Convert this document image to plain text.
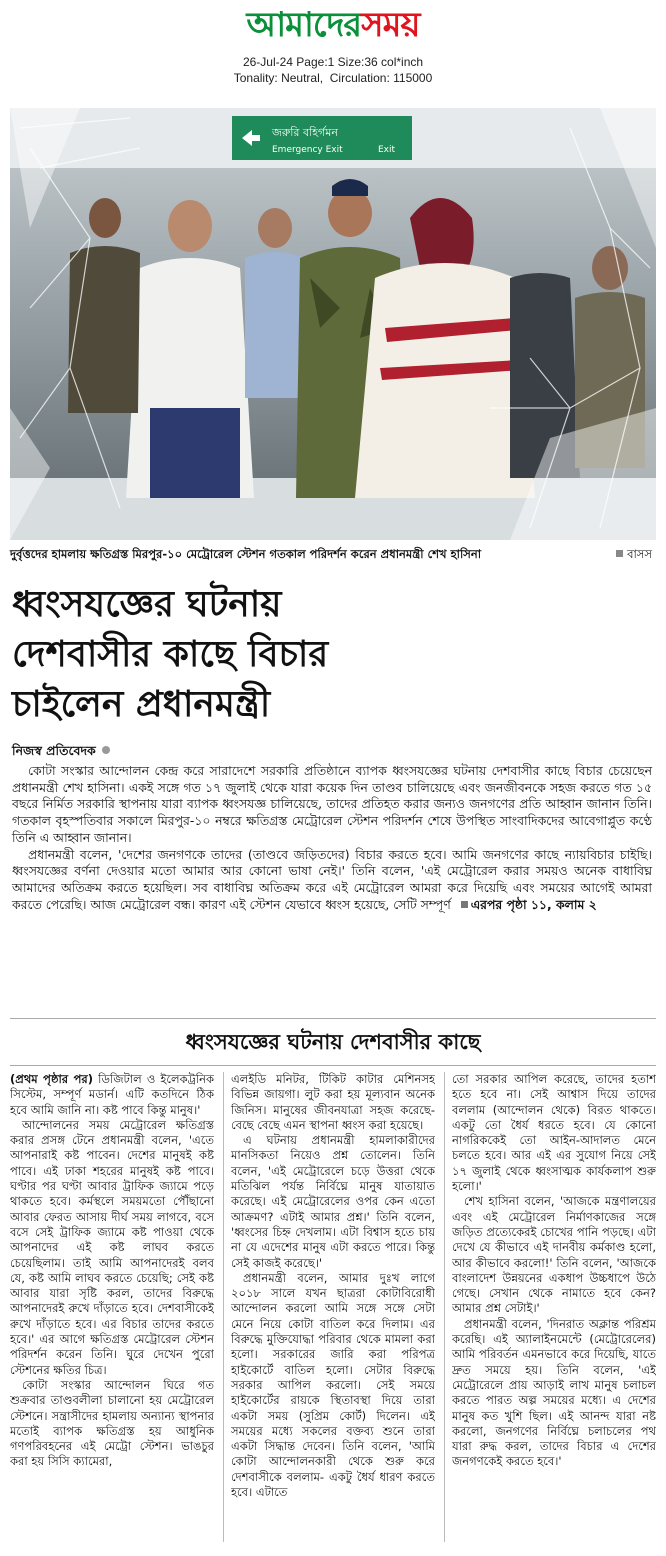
আমাদেরসময়
26-Jul-24 Page:1 Size:36 col*inch
Tonality: Neutral,  Circulation: 115000
জরুরি বহির্গমন
Emergency Exit	Exit
দুর্বৃত্তদের হামলায় ক্ষতিগ্রস্ত মিরপুর-১০ মেট্রোরেল স্টেশন গতকাল পরিদর্শন করেন প্রধানমন্ত্রী শেখ হাসিনা	বাসস
ধ্বংসযজ্ঞের ঘটনায়
দেশবাসীর কাছে বিচার
চাইলেন প্রধানমন্ত্রী
নিজস্ব প্রতিবেদক

কোটা সংস্কার আন্দোলন কেন্দ্র করে সারাদেশে সরকারি প্রতিষ্ঠানে ব্যাপক ধ্বংসযজ্ঞের ঘটনায় দেশবাসীর কাছে বিচার চেয়েছেন প্রধানমন্ত্রী শেখ হাসিনা। একই সঙ্গে গত ১৭ জুলাই থেকে যারা কয়েক দিন তাণ্ডব চালিয়েছে এবং জনজীবনকে সহজ করতে গত ১৫ বছরে নির্মিত সরকারি স্থাপনায় যারা ব্যাপক ধ্বংসযজ্ঞ চালিয়েছে, তাদের প্রতিহত করার জন্যও জনগণের প্রতি আহ্বান জানান তিনি। গতকাল বৃহস্পতিবার সকালে মিরপুর-১০ নম্বরে ক্ষতিগ্রস্ত মেট্রোরেল স্টেশন পরিদর্শন শেষে উপস্থিত সাংবাদিকদের আবেগাপ্লুত কণ্ঠে তিনি এ আহ্বান জানান।

প্রধানমন্ত্রী বলেন, 'দেশের জনগণকে তাদের (তাণ্ডবে জড়িতদের) বিচার করতে হবে। আমি জনগণের কাছে ন্যায়বিচার চাইছি। ধ্বংসযজ্ঞের বর্ণনা দেওয়ার মতো আমার আর কোনো ভাষা নেই।' তিনি বলেন, 'এই মেট্রোরেল করার সময়ও অনেক বাধাবিঘ্ন আমাদের অতিক্রম করতে হয়েছিল। সব বাধাবিঘ্ন অতিক্রম করে এই মেট্রোরেল আমরা করে দিয়েছি এবং সময়ের আগেই আমরা করতে পেরেছি। আজ মেট্রোরেল বন্ধ। কারণ এই স্টেশন যেভাবে ধ্বংস হয়েছে, সেটি সম্পূর্ণ এরপর পৃষ্ঠা ১১, কলাম ২

ধ্বংসযজ্ঞের ঘটনায় দেশবাসীর কাছে

(প্রথম পৃষ্ঠার পর) ডিজিটাল ও ইলেকট্রনিক সিস্টেম, সম্পূর্ণ মডার্ন। এটি কতদিনে ঠিক হবে আমি জানি না। কষ্ট পাবে কিন্তু মানুষ।'

আন্দোলনের সময় মেট্রোরেল ক্ষতিগ্রস্ত করার প্রসঙ্গ টেনে প্রধানমন্ত্রী বলেন, 'এতে আপনারাই কষ্ট পাবেন। দেশের মানুষই কষ্ট পাবে। এই ঢাকা শহরের মানুষই কষ্ট পাবে। ঘণ্টার পর ঘণ্টা আবার ট্রাফিক জ্যামে পড়ে থাকতে হবে। কর্মস্থলে সময়মতো পৌঁছানো আবার ফেরত আসায় দীর্ঘ সময় লাগবে, বসে বসে সেই ট্রাফিক জ্যামে কষ্ট পাওয়া থেকে আপনাদের এই কষ্ট লাঘব করতে চেয়েছিলাম। তাই আমি আপনাদেরই বলব যে, কষ্ট আমি লাঘব করতে চেয়েছি; সেই কষ্ট আবার যারা সৃষ্টি করল, তাদের বিরুদ্ধে আপনাদেরই রুখে দাঁড়াতে হবে। দেশবাসীকেই রুখে দাঁড়াতে হবে। এর বিচার তাদের করতে হবে।' এর আগে ক্ষতিগ্রস্ত মেট্রোরেল স্টেশন পরিদর্শন করেন তিনি। ঘুরে দেখেন পুরো স্টেশনের ক্ষতির চিত্র।

কোটা সংস্কার আন্দোলন ঘিরে গত শুক্রবার তাণ্ডবলীলা চালানো হয় মেট্রোরেল স্টেশনে। সন্ত্রাসীদের হামলায় অন্যান্য স্থাপনার মতোই ব্যাপক ক্ষতিগ্রস্ত হয় আধুনিক গণপরিবহনের এই মেট্রো স্টেশন। ভাঙচুর করা হয় সিসি ক্যামেরা,

এলইডি মনিটর, টিকিট কাটার মেশিনসহ বিভিন্ন জায়গা। লুট করা হয় মূল্যবান অনেক জিনিস। মানুষের জীবনযাত্রা সহজ করেছে- বেছে বেছে এমন স্থাপনা ধ্বংস করা হয়েছে।

এ ঘটনায় প্রধানমন্ত্রী হামলাকারীদের মানসিকতা নিয়েও প্রশ্ন তোলেন। তিনি বলেন, 'এই মেট্রোরেলে চড়ে উত্তরা থেকে মতিঝিল পর্যন্ত নির্বিঘ্নে মানুষ যাতায়াত করেছে। এই মেট্রোরেলের ওপর কেন এতো আক্রমণ? এটাই আমার প্রশ্ন।' তিনি বলেন, 'ধ্বংসের চিহ্ন দেখলাম। এটা বিশ্বাস হতে চায় না যে এদেশের মানুষ এটা করতে পারে। কিন্তু সেই কাজই করেছে।'

প্রধানমন্ত্রী বলেন, আমার দুঃখ লাগে ২০১৮ সালে যখন ছাত্ররা কোটাবিরোধী আন্দোলন করলো আমি সঙ্গে সঙ্গে সেটা মেনে নিয়ে কোটা বাতিল করে দিলাম। এর বিরুদ্ধে মুক্তিযোদ্ধা পরিবার থেকে মামলা করা হলো। সরকারের জারি করা পরিপত্র হাইকোর্টে বাতিল হলো। সেটার বিরুদ্ধে সরকার আপিল করলো। সেই সময়ে হাইকোর্টের রায়কে স্থিতাবস্থা দিয়ে তারা একটা সময় (সুপ্রিম কোর্ট) দিলেন। এই সময়ের মধ্যে সকলের বক্তব্য শুনে তারা একটা সিদ্ধান্ত দেবেন। তিনি বলেন, 'আমি কোটা আন্দোলনকারী থেকে শুরু করে দেশবাসীকে বললাম- একটু ধৈর্য ধারণ করতে হবে। এটাতে

তো সরকার আপিল করেছে, তাদের হতাশ হতে হবে না। সেই আশ্বাস দিয়ে তাদের বললাম (আন্দোলন থেকে) বিরত থাকতে। একটু তো ধৈর্য ধরতে হবে। যে কোনো নাগরিককেই তো আইন-আদালত মেনে চলতে হবে। আর এই এর সুযোগ নিয়ে সেই ১৭ জুলাই থেকে ধ্বংসাত্মক কার্যকলাপ শুরু হলো।'

শেখ হাসিনা বলেন, 'আজকে মন্ত্রণালয়ের এবং এই মেট্রোরেল নির্মাণকাজের সঙ্গে জড়িত প্রত্যেকেরই চোখের পানি পড়ছে। এটা দেখে যে কীভাবে এই দানবীয় কর্মকাণ্ড হলো, আর কীভাবে করলো!' তিনি বলেন, 'আজকে বাংলাদেশ উন্নয়নের একধাপ উচ্চধাপে উঠে গেছে। সেখান থেকে নামাতে হবে কেন? আমার প্রশ্ন সেটাই।'

প্রধানমন্ত্রী বলেন, 'দিনরাত অক্লান্ত পরিশ্রম করেছি। এই অ্যালাইনমেন্টে (মেট্রোরেলের) আমি পরিবর্তন এমনভাবে করে দিয়েছি, যাতে দ্রুত সময়ে হয়। তিনি বলেন, 'এই মেট্রোরেলে প্রায় আড়াই লাখ মানুষ চলাচল করতে পারত অল্প সময়ের মধ্যে। এ দেশের মানুষ কত খুশি ছিল। এই আনন্দ যারা নষ্ট করলো, জনগণের নির্বিঘ্নে চলাচলের পথ যারা রুদ্ধ করল, তাদের বিচার এ দেশের জনগণকেই করতে হবে।'
